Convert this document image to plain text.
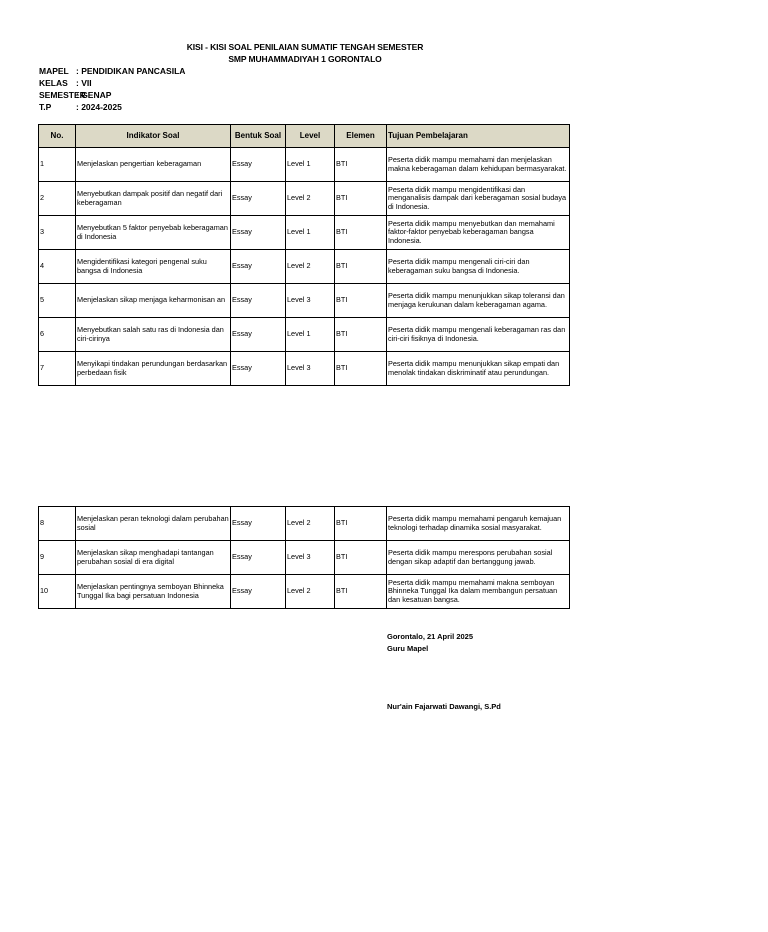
KISI - KISI SOAL PENILAIAN SUMATIF TENGAH SEMESTER
SMP MUHAMMADIYAH 1 GORONTALO
MAPEL : PENDIDIKAN PANCASILA
KELAS : VII
SEMESTER: GENAP
T.P	: 2024-2025
No.	Indikator Soal	Bentuk Soal	Level	Elemen	Tujuan Pembelajaran
1	Menjelaskan pengertian keberagaman	Essay	Level 1	BTI	Peserta didik mampu memahami dan menjelaskan makna keberagaman dalam kehidupan bermasyarakat.
2	Menyebutkan dampak positif dan negatif dari keberagaman	Essay	Level 2	BTI	Peserta didik mampu mengidentifikasi dan menganalisis dampak dari keberagaman sosial budaya di Indonesia.
3	Menyebutkan 5 faktor penyebab keberagaman di Indonesia	Essay	Level 1	BTI	Peserta didik mampu menyebutkan dan memahami faktor-faktor penyebab keberagaman bangsa Indonesia.
4	Mengidentifikasi kategori pengenal suku bangsa di Indonesia	Essay	Level 2	BTI	Peserta didik mampu mengenali ciri-ciri dan keberagaman suku bangsa di Indonesia.
5	Menjelaskan sikap menjaga keharmonisan an	Essay	Level 3	BTI	Peserta didik mampu menunjukkan sikap toleransi dan menjaga kerukunan dalam keberagaman agama.
6	Menyebutkan salah satu ras di Indonesia dan ciri-cirinya	Essay	Level 1	BTI	Peserta didik mampu mengenali keberagaman ras dan ciri-ciri fisiknya di Indonesia.
7	Menyikapi tindakan perundungan berdasarkan perbedaan fisik	Essay	Level 3	BTI	Peserta didik mampu menunjukkan sikap empati dan menolak tindakan diskriminatif atau perundungan.
8	Menjelaskan peran teknologi dalam perubahan sosial	Essay	Level 2	BTI	Peserta didik mampu memahami pengaruh kemajuan teknologi terhadap dinamika sosial masyarakat.
9	Menjelaskan sikap menghadapi tantangan perubahan sosial di era digital	Essay	Level 3	BTI	Peserta didik mampu merespons perubahan sosial dengan sikap adaptif dan bertanggung jawab.
10	Menjelaskan pentingnya semboyan Bhinneka Tunggal Ika bagi persatuan Indonesia	Essay	Level 2	BTI	Peserta didik mampu memahami makna semboyan Bhinneka Tunggal Ika dalam membangun persatuan dan kesatuan bangsa.
Gorontalo, 21 April 2025
Guru Mapel
Nur'ain Fajarwati Dawangi, S.Pd
